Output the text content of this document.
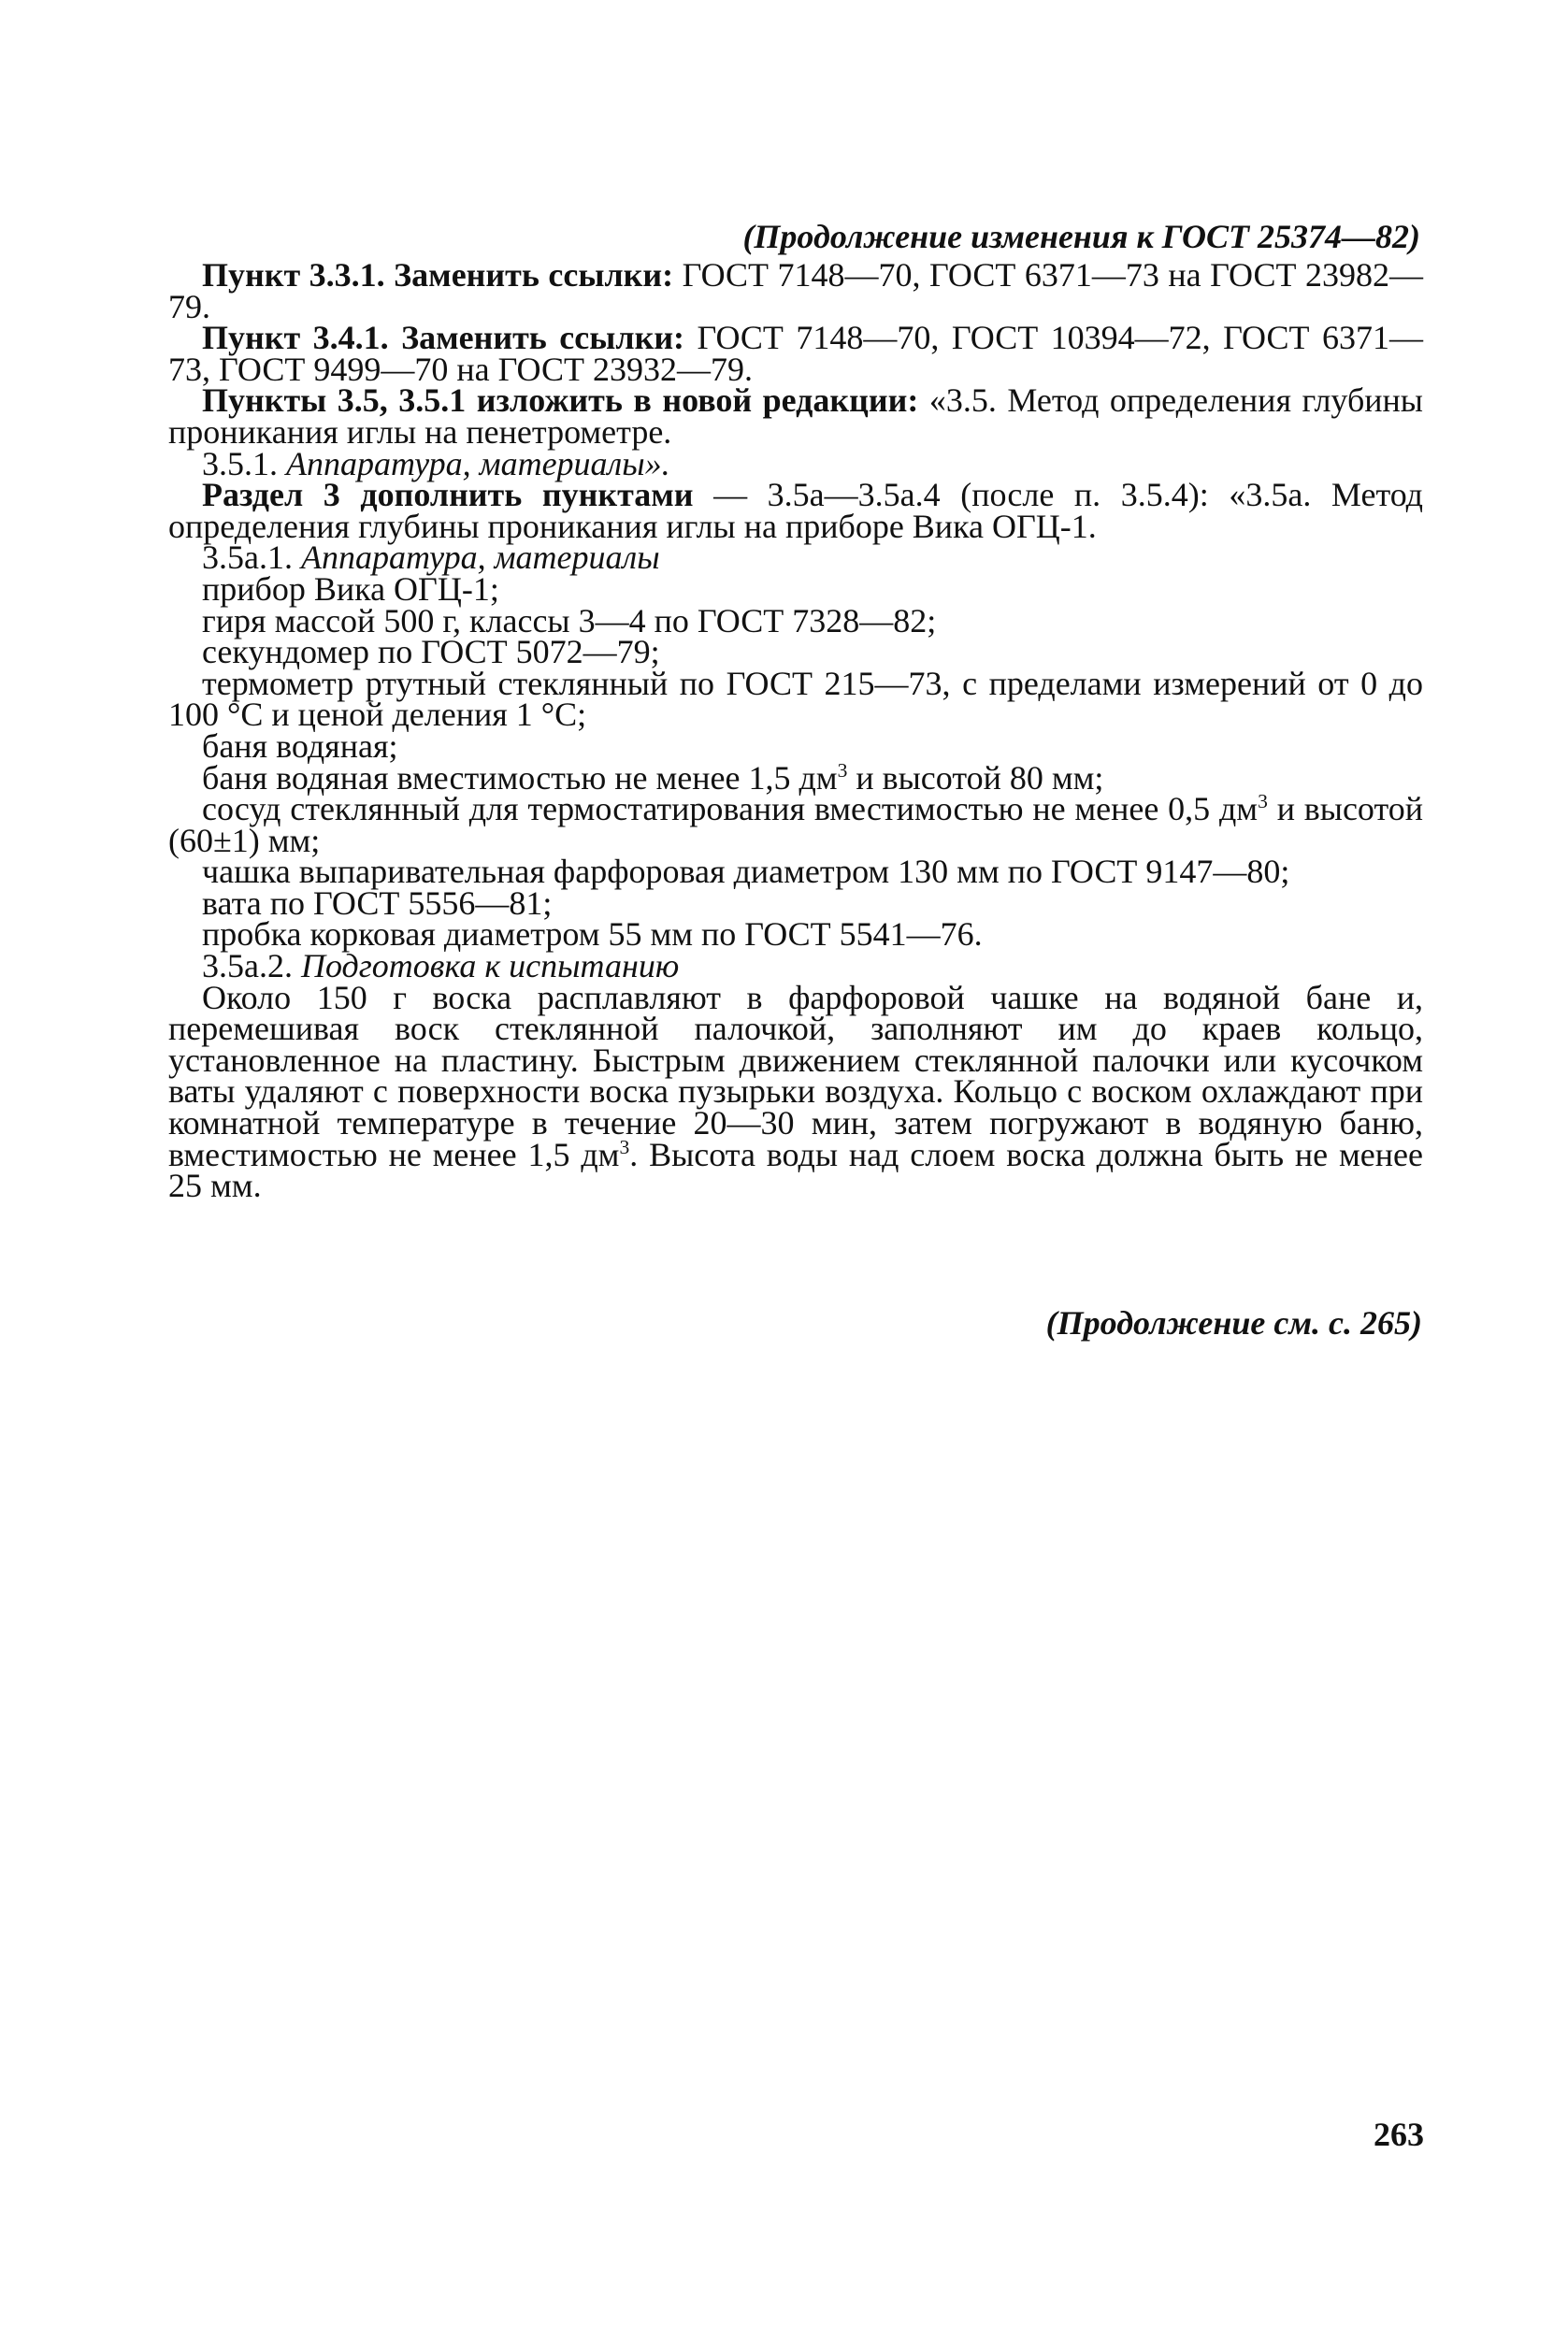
(Продолжение изменения к ГОСТ 25374—82)

Пункт 3.3.1. Заменить ссылки: ГОСТ 7148—70, ГОСТ 6371—73 на ГОСТ 23982—79.

Пункт 3.4.1. Заменить ссылки: ГОСТ 7148—70, ГОСТ 10394—72, ГОСТ 6371—73, ГОСТ 9499—70 на ГОСТ 23932—79.

Пункты 3.5, 3.5.1 изложить в новой редакции: «3.5. Метод определения глубины проникания иглы на пенетрометре.

3.5.1. Аппаратура, материалы».

Раздел 3 дополнить пунктами — 3.5а—3.5а.4 (после п. 3.5.4): «3.5а. Метод определения глубины проникания иглы на приборе Вика ОГЦ-1.

3.5а.1. Аппаратура, материалы

прибор Вика ОГЦ-1;

гиря массой 500 г, классы 3—4 по ГОСТ 7328—82;

секундомер по ГОСТ 5072—79;

термометр ртутный стеклянный по ГОСТ 215—73, с пределами измерений от 0 до 100 °С и ценой деления 1 °С;

баня водяная;

баня водяная вместимостью не менее 1,5 $дм^3$ и высотой 80 мм;

сосуд стеклянный для термостатирования вместимостью не менее 0,5 $дм^3$ и высотой (60±1) мм;

чашка выпаривательная фарфоровая диаметром 130 мм по ГОСТ 9147—80;

вата по ГОСТ 5556—81;

пробка корковая диаметром 55 мм по ГОСТ 5541—76.

3.5а.2. Подготовка к испытанию

Около 150 г воска расплавляют в фарфоровой чашке на водяной бане и, перемешивая воск стеклянной палочкой, заполняют им до краев кольцо, установленное на пластину. Быстрым движением стеклянной палочки или кусочком ваты удаляют с поверхности воска пузырьки воздуха. Кольцо с воском охлаждают при комнатной температуре в течение 20—30 мин, затем погружают в водяную баню, вместимостью не менее 1,5 $дм^3$. Высота воды над слоем воска должна быть не менее 25 мм.

(Продолжение см. с. 265)
263
